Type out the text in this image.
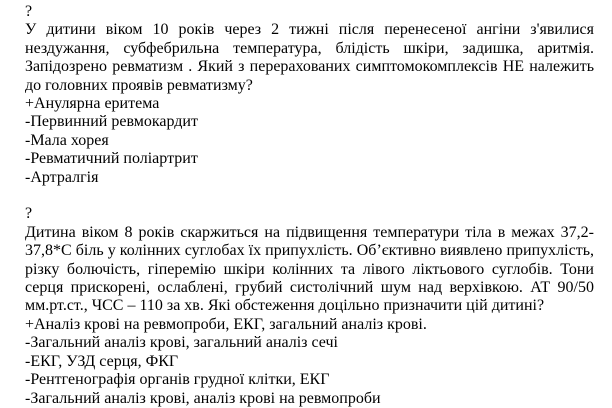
?
У дитини віком 10 років через 2 тижні після перенесеної ангіни з'явилися нездужання, субфебрильна температура, блідість шкіри, задишка, аритмія. Запідозрено ревматизм . Який з перерахованих симптомокомплексів НЕ належить до головних проявів ревматизму?
+Анулярна еритема
-Первинний ревмокардит
-Мала хорея
-Ревматичний поліартрит
-Артралгія
?
Дитина віком 8 років скаржиться на підвищення температури тіла в межах 37,2-37,8*С біль у колінних суглобах їх припухлість. Об’єктивно виявлено припухлість, різку болючість, гіперемію шкіри колінних та лівого ліктьового суглобів. Тони серця прискорені, ослаблені, грубий систолічний шум над верхівкою. АТ 90/50 мм.рт.ст., ЧСС – 110 за хв. Які обстеження доцільно призначити цій дитині?
+Аналіз крові на ревмопроби, ЕКГ, загальний аналіз крові.
-Загальний аналіз крові, загальний аналіз сечі
-ЕКГ, УЗД серця, ФКГ
-Рентгенографія органів грудної клітки, ЕКГ
-Загальний аналіз крові, аналіз крові на ревмопроби
